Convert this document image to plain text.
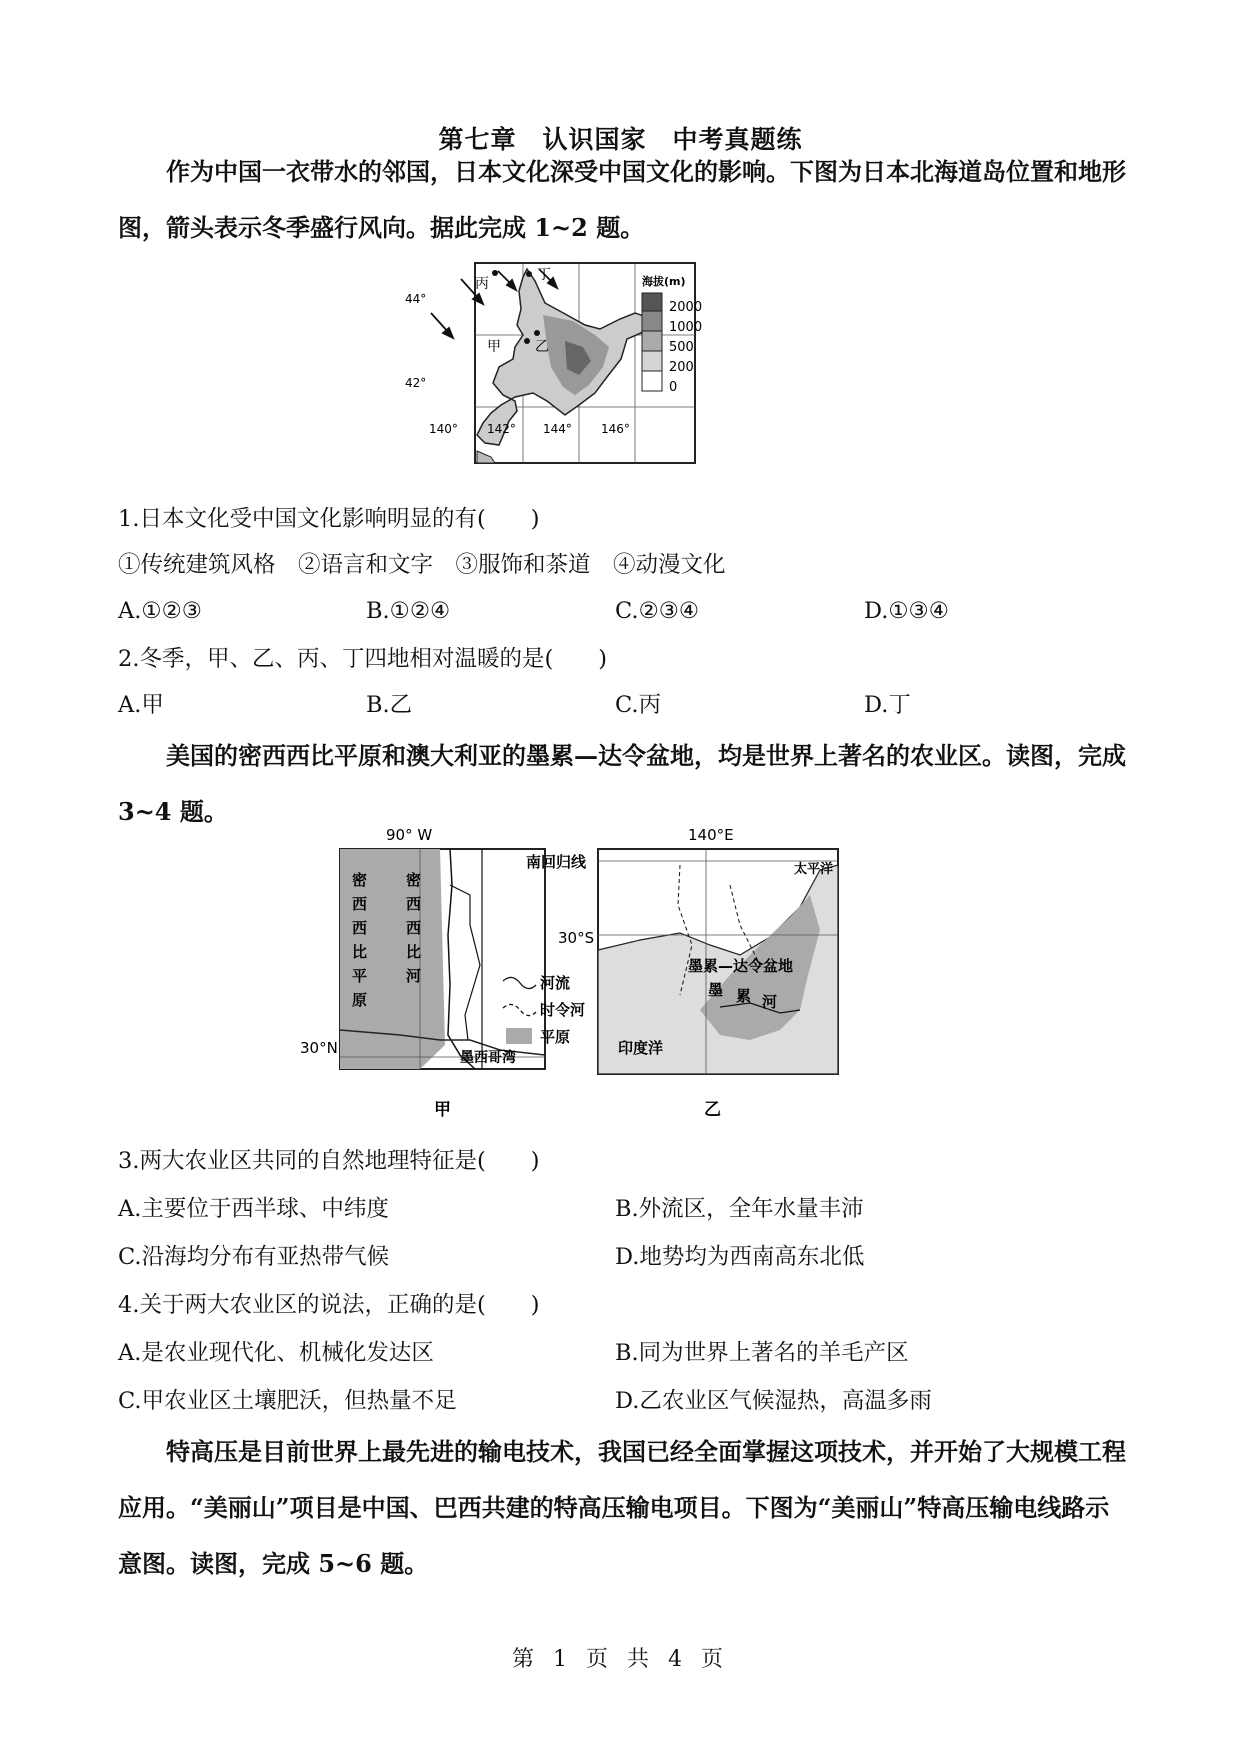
第七章　认识国家　中考真题练
作为中国一衣带水的邻国，日本文化深受中国文化的影响。下图为日本北海道岛位置和地形图，箭头表示冬季盛行风向。据此完成 1~2 题。
丙
丁
甲 乙
44°
42°
140° 142° 144° 146°
海拔(m)
2000
1000
500
200
0
1.日本文化受中国文化影响明显的有(　　)
①传统建筑风格　②语言和文字　③服饰和茶道　④动漫文化
A.①②③	B.①②④	C.②③④	D.①③④
2.冬季，甲、乙、丙、丁四地相对温暖的是(　　)
A.甲	B.乙	C.丙	D.丁
美国的密西西比平原和澳大利亚的墨累—达令盆地，均是世界上著名的农业区。读图，完成 3~4 题。
90° W
30°N
密
西
西
比
平
原
密
西
西
比
河
墨西哥湾
甲
河流
时令河
平原
140°E
南回归线
30°S
太平洋
墨累—达令盆地
墨 累 河
印度洋
乙
3.两大农业区共同的自然地理特征是(　　)
A.主要位于西半球、中纬度	B.外流区，全年水量丰沛
C.沿海均分布有亚热带气候	D.地势均为西南高东北低
4.关于两大农业区的说法，正确的是(　　)
A.是农业现代化、机械化发达区	B.同为世界上著名的羊毛产区
C.甲农业区土壤肥沃，但热量不足	D.乙农业区气候湿热，高温多雨
特高压是目前世界上最先进的输电技术，我国已经全面掌握这项技术，并开始了大规模工程应用。“美丽山”项目是中国、巴西共建的特高压输电项目。下图为“美丽山”特高压输电线路示意图。读图，完成 5~6 题。
第 1 页 共 4 页
